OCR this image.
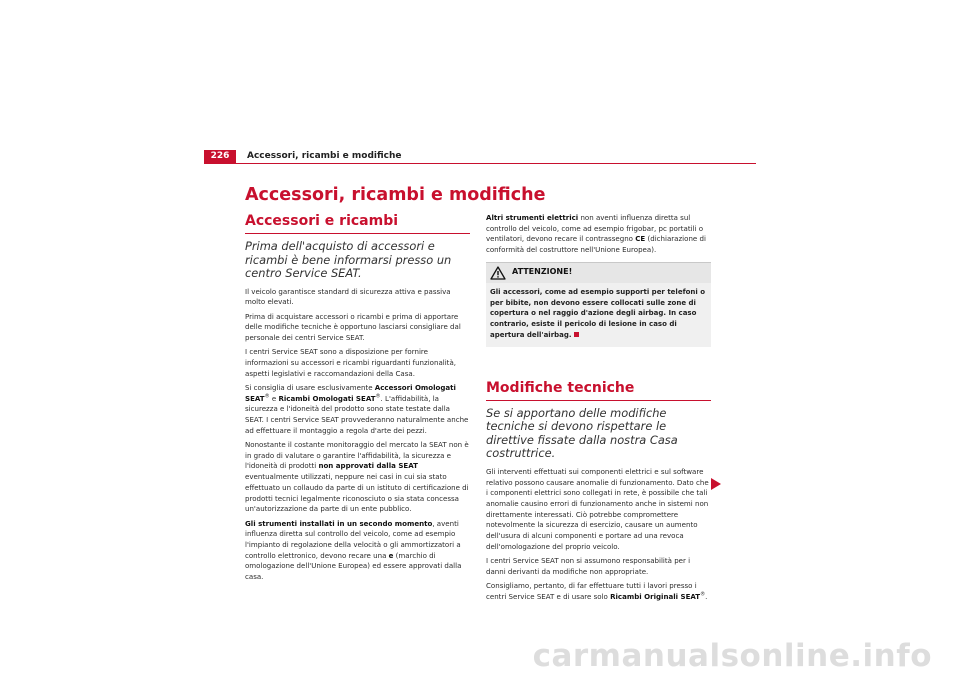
226	Accessori, ricambi e modifiche
Accessori, ricambi e modifiche
Accessori e ricambi

Prima dell'acquisto di accessori e ricambi è bene informarsi presso un centro Service SEAT.

Il veicolo garantisce standard di sicurezza attiva e passiva molto elevati.

Prima di acquistare accessori o ricambi e prima di apportare delle modifiche tecniche è opportuno lasciarsi consigliare dal personale dei centri Service SEAT.

I centri Service SEAT sono a disposizione per fornire informazioni su accessori e ricambi riguardanti funzionalità, aspetti legislativi e raccomandazioni della Casa.

Si consiglia di usare esclusivamente Accessori Omologati SEAT® e Ricambi Omologati SEAT®. L'affidabilità, la sicurezza e l'idoneità del prodotto sono state testate dalla SEAT. I centri Service SEAT provvederanno naturalmente anche ad effettuare il montaggio a regola d'arte dei pezzi.

Nonostante il costante monitoraggio del mercato la SEAT non è in grado di valutare o garantire l'affidabilità, la sicurezza e l'idoneità di prodotti non approvati dalla SEAT eventualmente utilizzati, neppure nei casi in cui sia stato effettuato un collaudo da parte di un istituto di certificazione di prodotti tecnici legalmente riconosciuto o sia stata concessa un'autorizzazione da parte di un ente pubblico.

Gli strumenti installati in un secondo momento, aventi influenza diretta sul controllo del veicolo, come ad esempio l'impianto di regolazione della velocità o gli ammortizzatori a controllo elettronico, devono recare una e (marchio di omologazione dell'Unione Europea) ed essere approvati dalla casa.

Altri strumenti elettrici non aventi influenza diretta sul controllo del veicolo, come ad esempio frigobar, pc portatili o ventilatori, devono recare il contrassegno CE (dichiarazione di conformità del costruttore nell'Unione Europea).

ATTENZIONE!
Gli accessori, come ad esempio supporti per telefoni o per bibite, non devono essere collocati sulle zone di copertura o nel raggio d'azione degli airbag. In caso contrario, esiste il pericolo di lesione in caso di apertura dell'airbag.
Modifiche tecniche

Se si apportano delle modifiche tecniche si devono rispettare le direttive fissate dalla nostra Casa costruttrice.

Gli interventi effettuati sui componenti elettrici e sul software relativo possono causare anomalie di funzionamento. Dato che i componenti elettrici sono collegati in rete, è possibile che tali anomalie causino errori di funzionamento anche in sistemi non direttamente interessati. Ciò potrebbe compromettere notevolmente la sicurezza di esercizio, causare un aumento dell'usura di alcuni componenti e portare ad una revoca dell'omologazione del proprio veicolo.

I centri Service SEAT non si assumono responsabilità per i danni derivanti da modifiche non appropriate.

Consigliamo, pertanto, di far effettuare tutti i lavori presso i centri Service SEAT e di usare solo Ricambi Originali SEAT®.

carmanualsonline.info
